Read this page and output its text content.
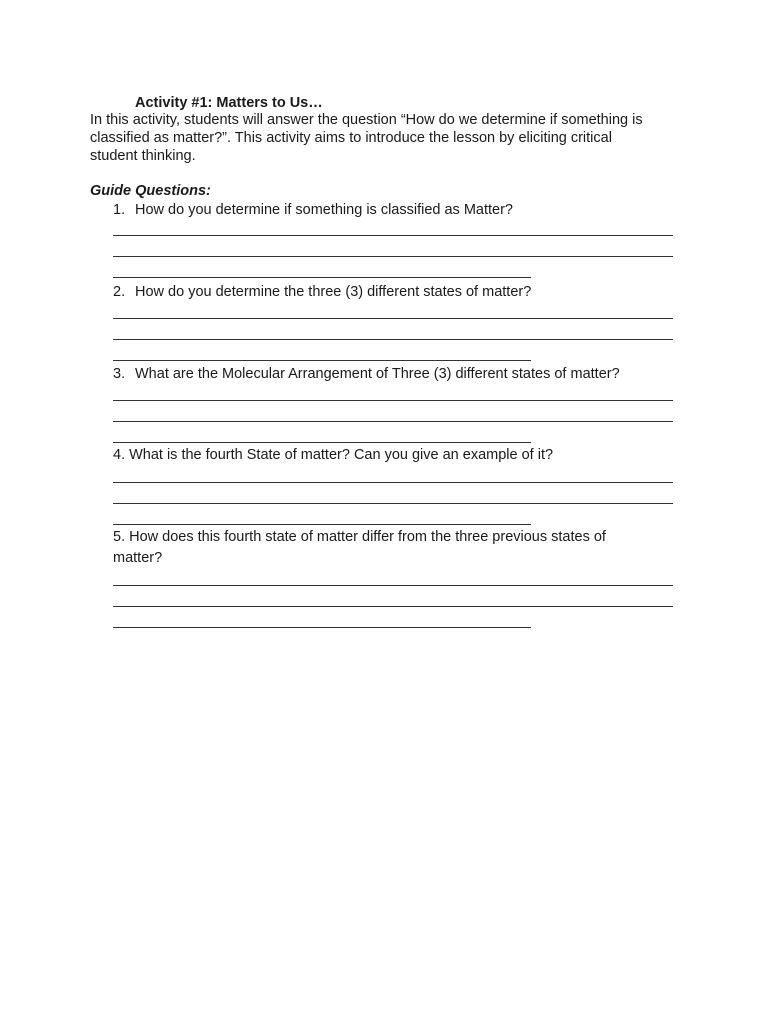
Activity #1: Matters to Us…
In this activity, students will answer the question “How do we determine if something is
classified as matter?”. This activity aims to introduce the lesson by eliciting critical
student thinking.
Guide Questions:
1. How do you determine if something is classified as Matter?
2. How do you determine the three (3) different states of matter?
3. What are the Molecular Arrangement of Three (3) different states of matter?
4. What is the fourth State of matter? Can you give an example of it?
5. How does this fourth state of matter differ from the three previous states of
matter?
